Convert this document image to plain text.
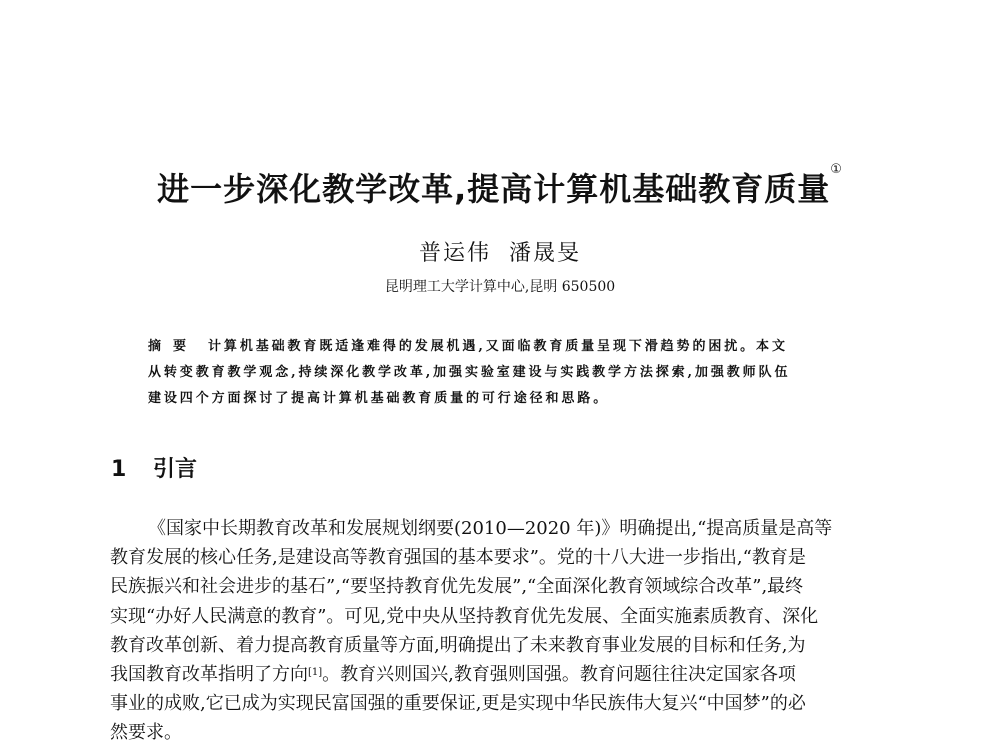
进一步深化教学改革,提高计算机基础教育质量①
普运伟 潘晟旻
昆明理工大学计算中心,昆明 650500

摘要 计算机基础教育既适逢难得的发展机遇,又面临教育质量呈现下滑趋势的困扰。本文

从转变教育教学观念,持续深化教学改革,加强实验室建设与实践教学方法探索,加强教师队伍

建设四个方面探讨了提高计算机基础教育质量的可行途径和思路。

1 引言
《国家中长期教育改革和发展规划纲要(2010—2020 年)》明确提出,“提高质量是高等
教育发展的核心任务,是建设高等教育强国的基本要求”。党的十八大进一步指出,“教育是
民族振兴和社会进步的基石”,“要坚持教育优先发展”,“全面深化教育领域综合改革”,最终
实现“办好人民满意的教育”。可见,党中央从坚持教育优先发展、全面实施素质教育、深化
教育改革创新、着力提高教育质量等方面,明确提出了未来教育事业发展的目标和任务,为
我国教育改革指明了方向[1]。教育兴则国兴,教育强则国强。教育问题往往决定国家各项
事业的成败,它已成为实现民富国强的重要保证,更是实现中华民族伟大复兴“中国梦”的必
然要求。
